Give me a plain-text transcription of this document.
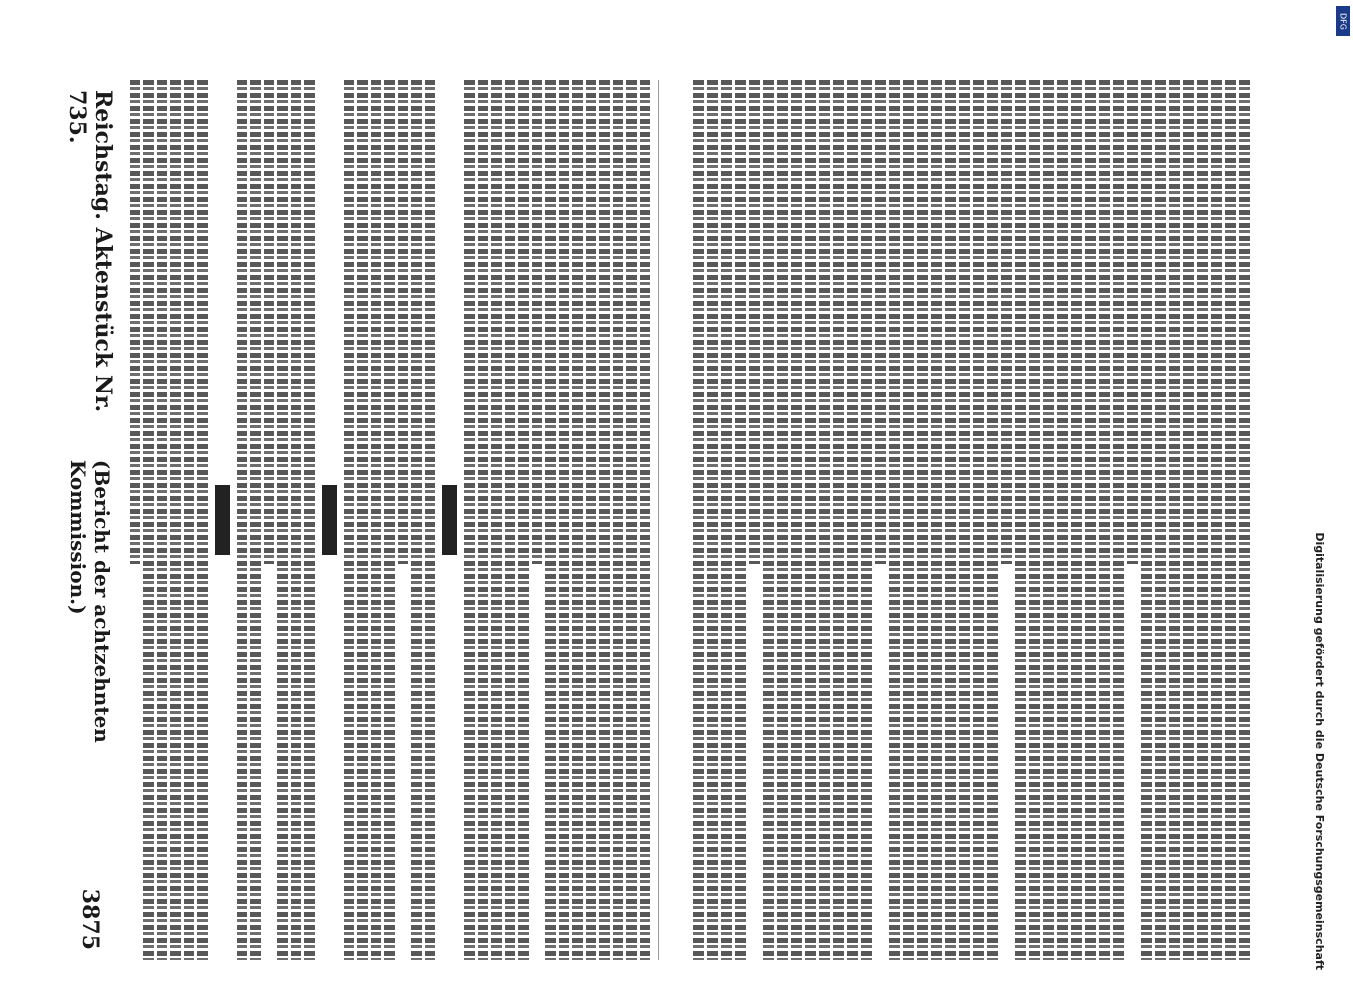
Reichstag. Aktenstück Nr. 735.
(Bericht der achtzehnten Kommission.)
3875	Digitalisierung gefördert durch die Deutsche Forschungsgemeinschaft
DFG
